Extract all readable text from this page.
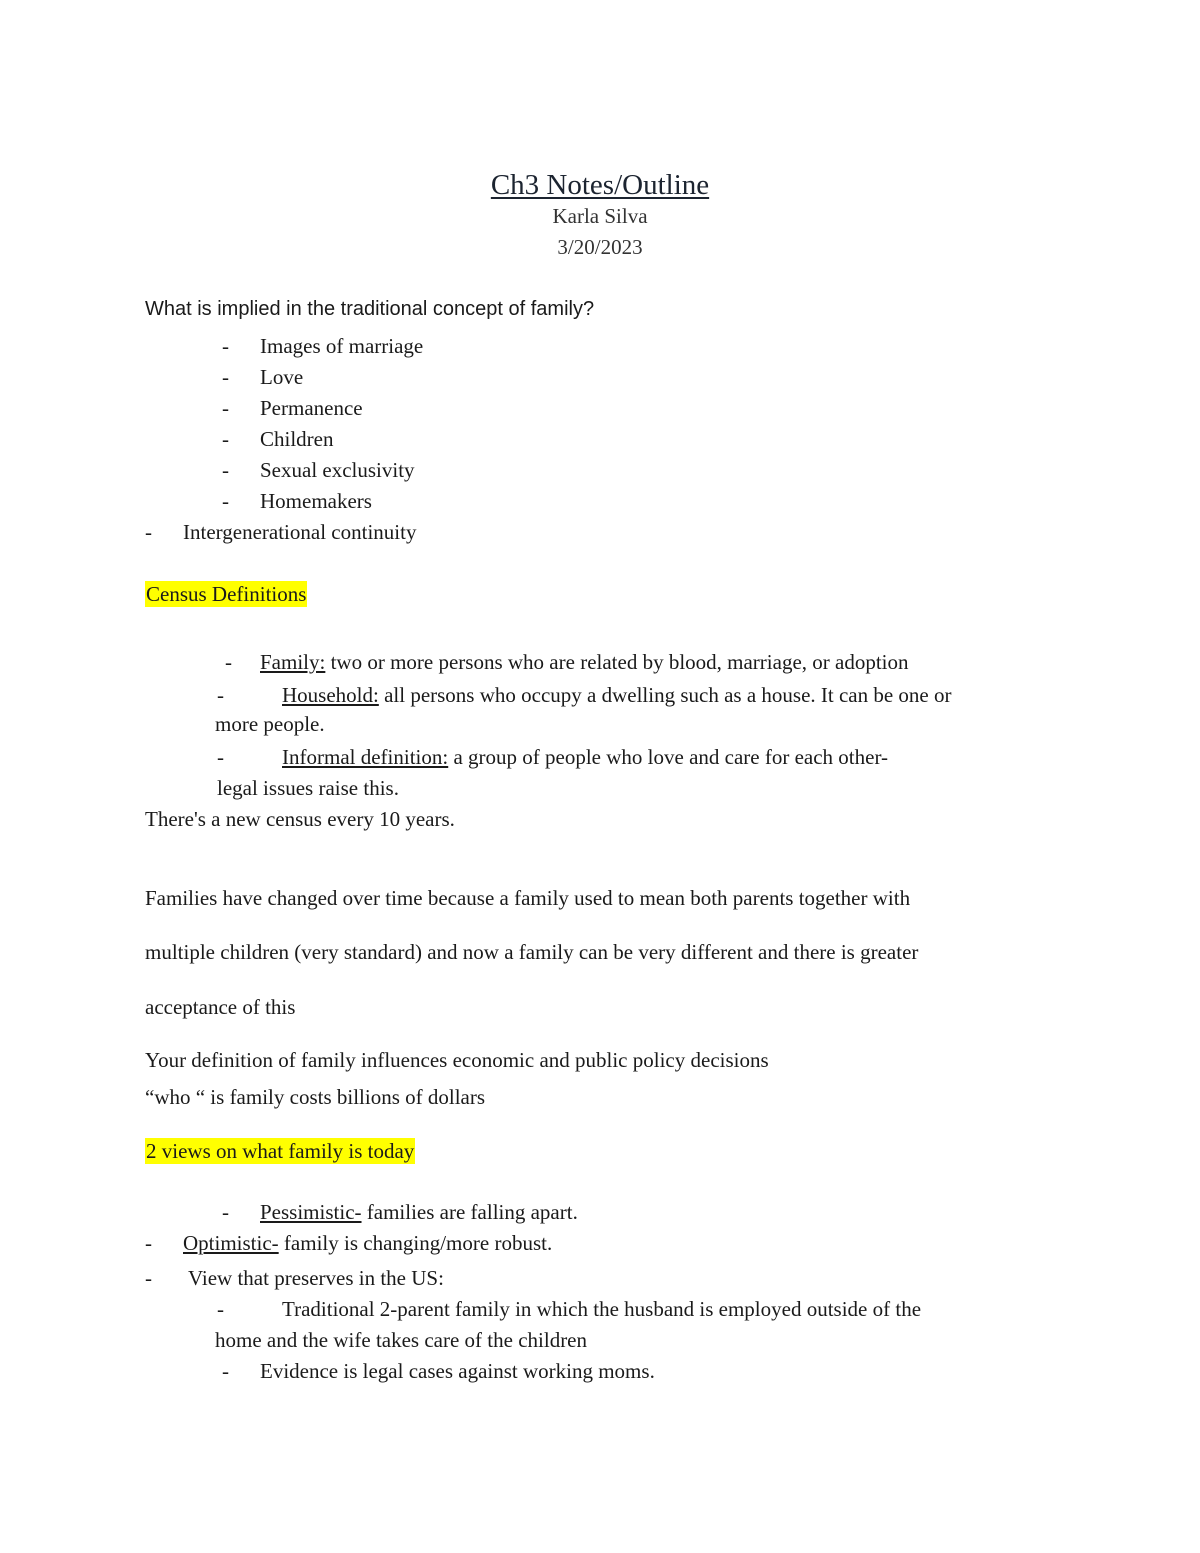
Ch3 Notes/Outline
Karla Silva
3/20/2023
What is implied in the traditional concept of family?
- Images of marriage
- Love
- Permanence
- Children
- Sexual exclusivity
- Homemakers
- Intergenerational continuity
Census Definitions
- Family: two or more persons who are related by blood, marriage, or adoption
-	Household: all persons who occupy a dwelling such as a house. It can be one or
more people.
-	Informal definition: a group of people who love and care for each other-
legal issues raise this.
There's a new census every 10 years.
Families have changed over time because a family used to mean both parents together with
multiple children (very standard) and now a family can be very different and there is greater
acceptance of this
Your definition of family influences economic and public policy decisions
“who “ is family costs billions of dollars
2 views on what family is today
- Pessimistic- families are falling apart.
- Optimistic- family is changing/more robust.
- View that preserves in the US:
-	Traditional 2-parent family in which the husband is employed outside of the
home and the wife takes care of the children
- Evidence is legal cases against working moms.
